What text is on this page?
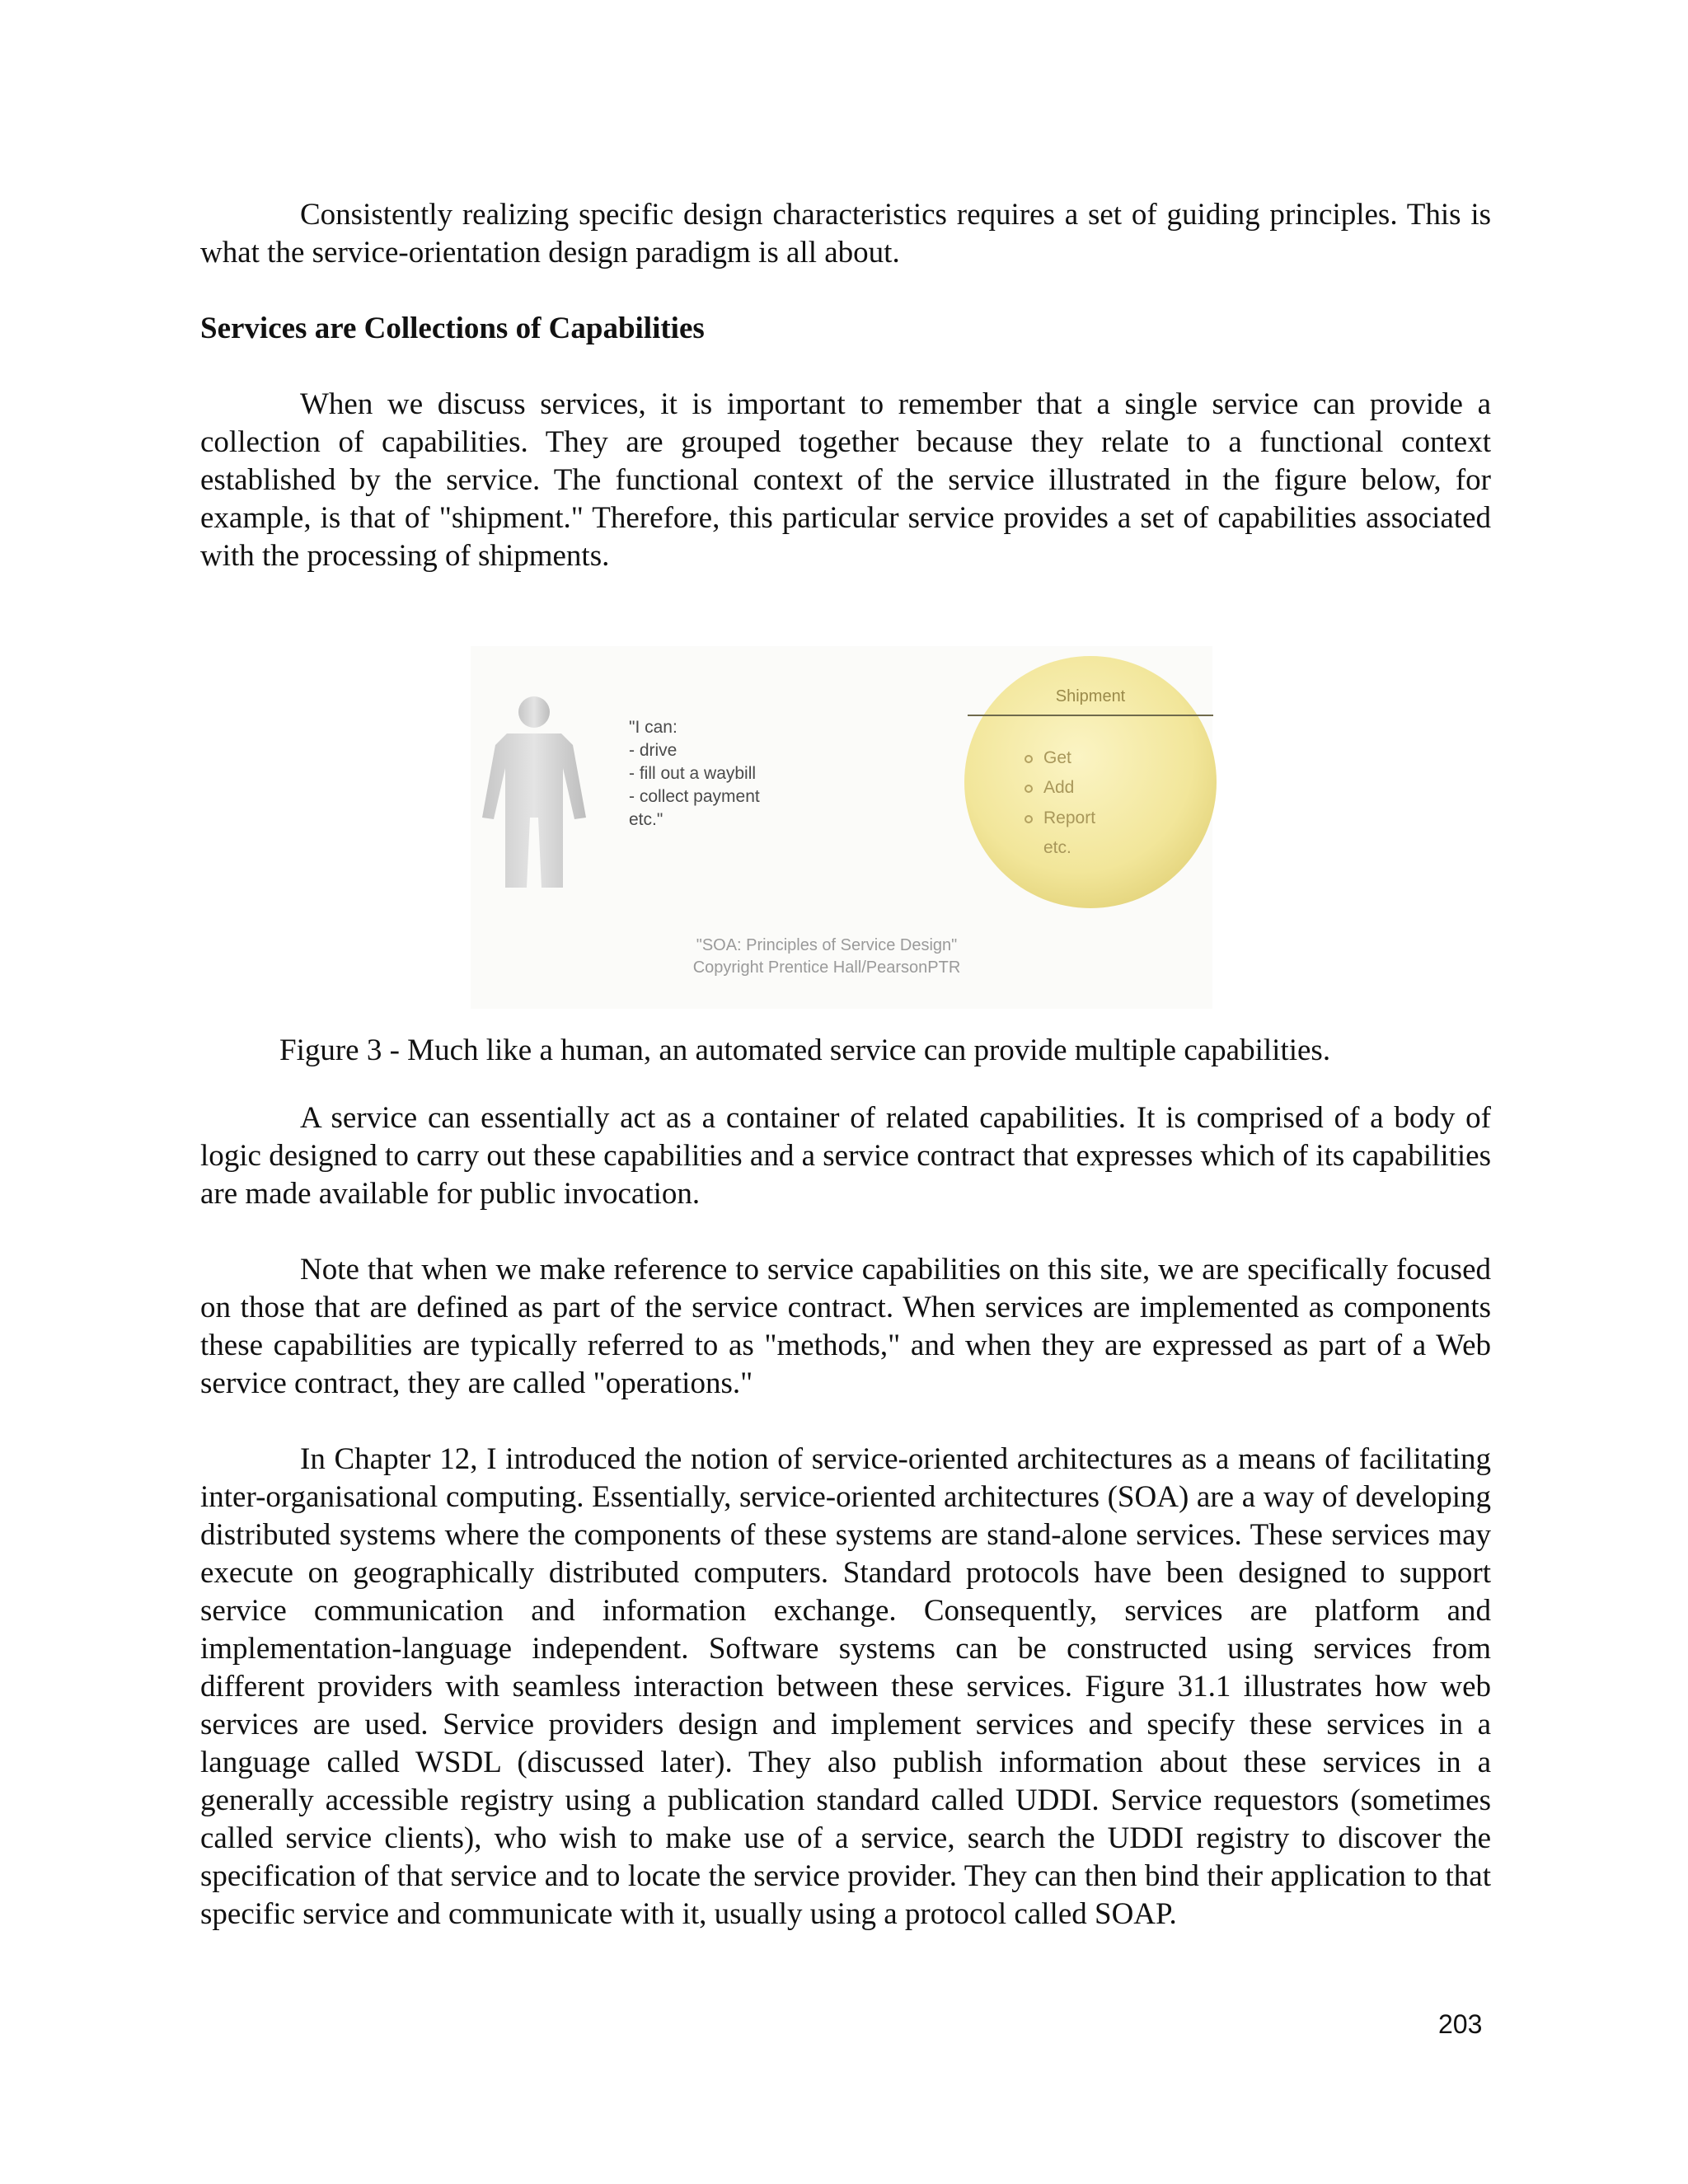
Consistently realizing specific design characteristics requires a set of guiding principles. This is what the service-orientation design paradigm is all about.

Services are Collections of Capabilities

When we discuss services, it is important to remember that a single service can provide a collection of capabilities. They are grouped together because they relate to a functional context established by the service. The functional context of the service illustrated in the figure below, for example, is that of "shipment." Therefore, this particular service provides a set of capabilities associated with the processing of shipments.

"I can:
- drive
- fill out a waybill
- collect payment
etc."
Shipment
Get
Add
Report
etc.
"SOA: Principles of Service Design"
Copyright Prentice Hall/PearsonPTR

Figure 3 - Much like a human, an automated service can provide multiple capabilities.

A service can essentially act as a container of related capabilities. It is comprised of a body of logic designed to carry out these capabilities and a service contract that expresses which of its capabilities are made available for public invocation.

Note that when we make reference to service capabilities on this site, we are specifically focused on those that are defined as part of the service contract. When services are implemented as components these capabilities are typically referred to as "methods," and when they are expressed as part of a Web service contract, they are called "operations."

In Chapter 12, I introduced the notion of service-oriented architectures as a means of facilitating inter-organisational computing. Essentially, service-oriented architectures (SOA) are a way of developing distributed systems where the components of these systems are stand-alone services. These services may execute on geographically distributed computers. Standard protocols have been designed to support service communication and information exchange. Consequently, services are platform and implementation-language independent. Software systems can be constructed using services from different providers with seamless interaction between these services. Figure 31.1 illustrates how web services are used. Service providers design and implement services and specify these services in a language called WSDL (discussed later). They also publish information about these services in a generally accessible registry using a publication standard called UDDI. Service requestors (sometimes called service clients), who wish to make use of a service, search the UDDI registry to discover the specification of that service and to locate the service provider. They can then bind their application to that specific service and communicate with it, usually using a protocol called SOAP.

203
